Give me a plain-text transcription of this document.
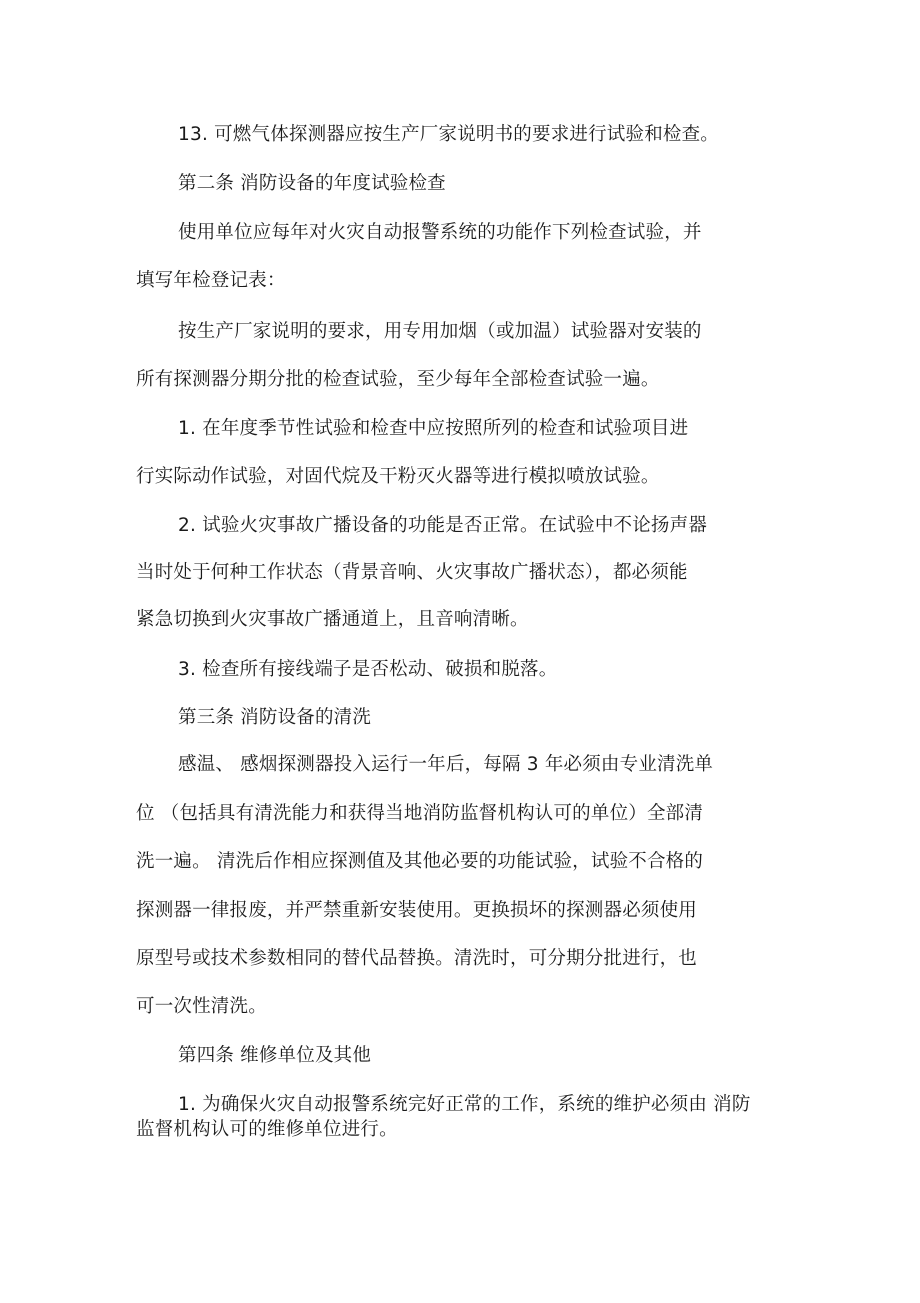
13. 可燃气体探测器应按生产厂家说明书的要求进行试验和检查。
第二条 消防设备的年度试验检查
使用单位应每年对火灾自动报警系统的功能作下列检查试验，并
填写年检登记表：
按生产厂家说明的要求，用专用加烟（或加温）试验器对安装的
所有探测器分期分批的检查试验，至少每年全部检查试验一遍。
1. 在年度季节性试验和检查中应按照所列的检查和试验项目进
行实际动作试验，对固代烷及干粉灭火器等进行模拟喷放试验。
2. 试验火灾事故广播设备的功能是否正常。在试验中不论扬声器
当时处于何种工作状态（背景音响、火灾事故广播状态），都必须能
紧急切换到火灾事故广播通道上，且音响清晰。
3. 检查所有接线端子是否松动、破损和脱落。
第三条 消防设备的清洗
感温、 感烟探测器投入运行一年后，每隔 3 年必须由专业清洗单
位 （包括具有清洗能力和获得当地消防监督机构认可的单位）全部清
洗一遍。 清洗后作相应探测值及其他必要的功能试验，试验不合格的
探测器一律报废，并严禁重新安装使用。更换损坏的探测器必须使用
原型号或技术参数相同的替代品替换。清洗时，可分期分批进行，也
可一次性清洗。
第四条 维修单位及其他
1. 为确保火灾自动报警系统完好正常的工作，系统的维护必须由 消防
监督机构认可的维修单位进行。
